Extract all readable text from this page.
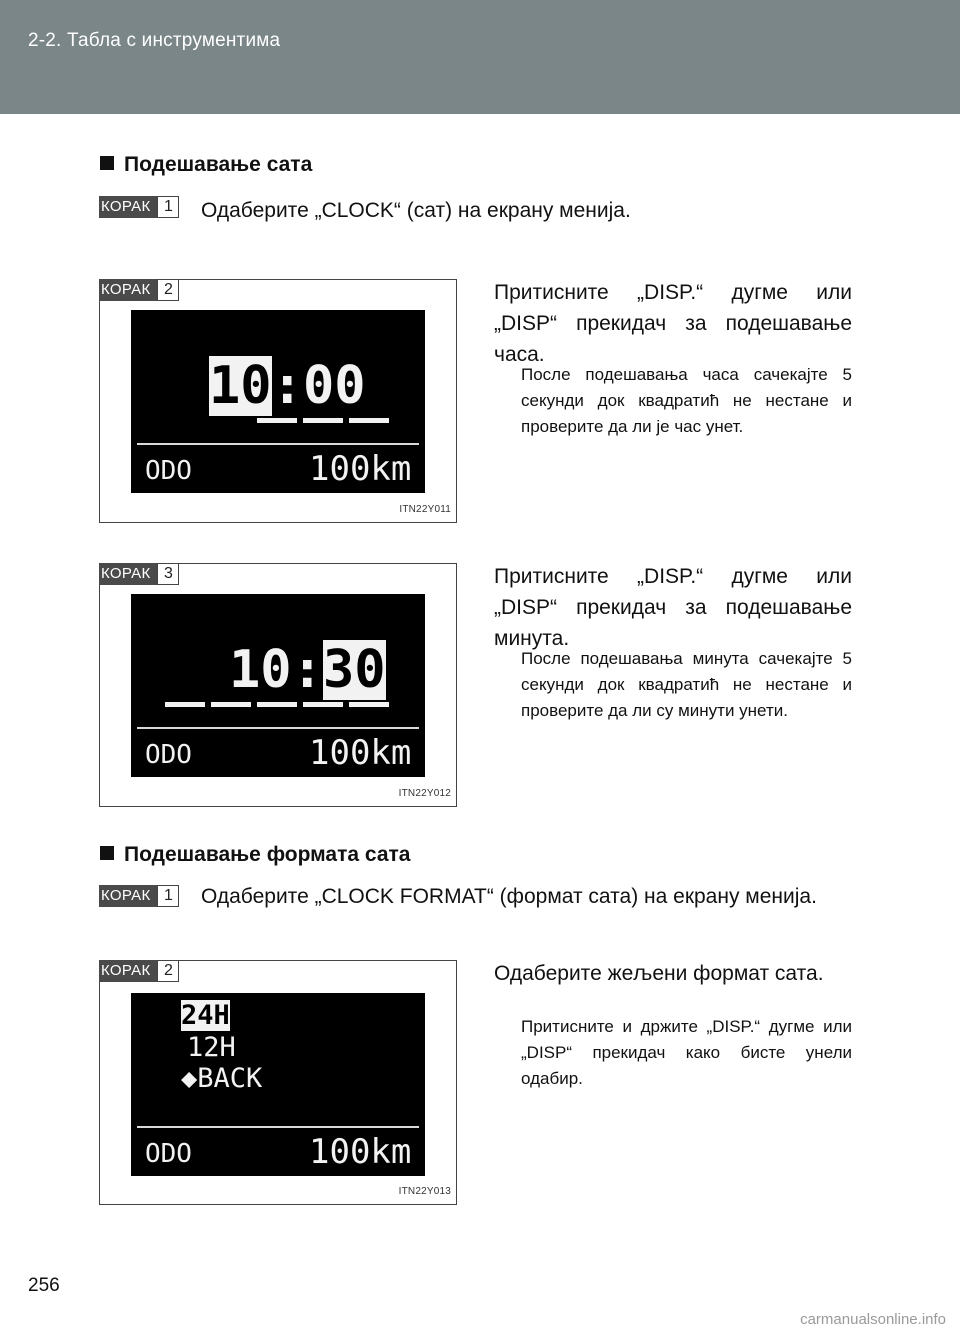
2-2. Табла с инструментима
Подешавање сата
КОРАК 1	Одаберите „CLOCK“ (сат) на екрану менија.
КОРАК 2
10:00
ODO	100km
ITN22Y011
Притисните „DISP.“ дугме или „DISP“ прекидач за подешавање часа.
После подешавања часа сачекајте 5 секунди док квадратић не нестане и проверите да ли је час унет.
КОРАК 3
10:30
ODO	100km
ITN22Y012
Притисните „DISP.“ дугме или „DISP“ прекидач за подешавање минута.
После подешавања минута сачекајте 5 секунди док квадратић не нестане и проверите да ли су минути унети.
Подешавање формата сата
КОРАК 1	Одаберите „CLOCK FORMAT“ (формат сата) на екрану менија.
КОРАК 2
24H
12H
◆BACK
ODO	100km
ITN22Y013
Одаберите жељени формат сата.
Притисните и држите „DISP.“ дугме или „DISP“ прекидач како бисте унели одабир.
256
carmanualsonline.info
